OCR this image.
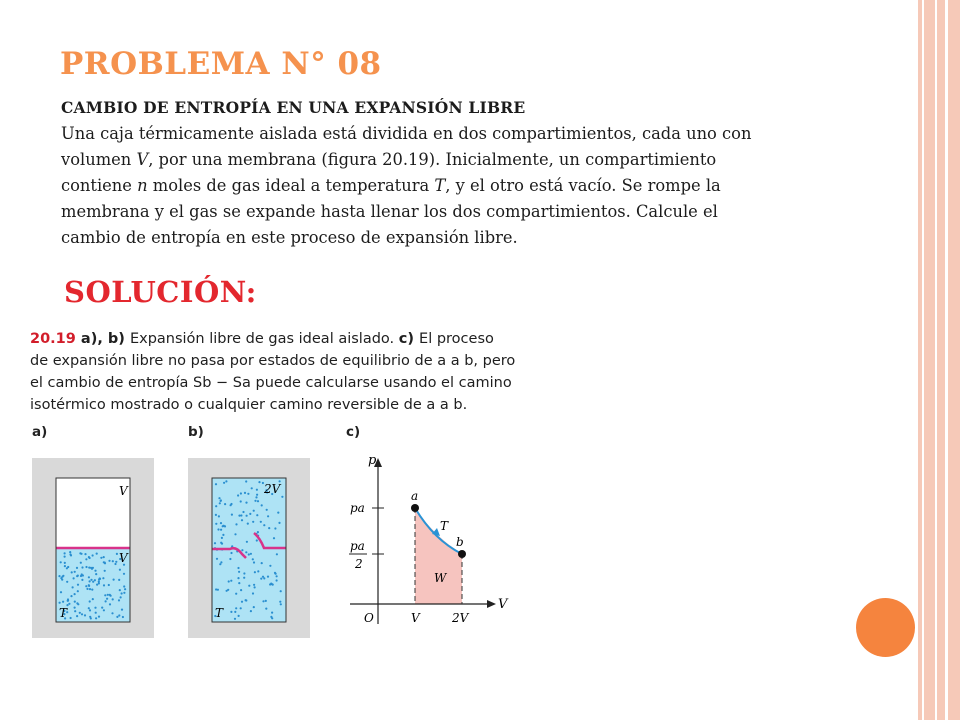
PROBLEMA N° 08
CAMBIO DE ENTROPÍA EN UNA EXPANSIÓN LIBRE
Una caja térmicamente aislada está dividida en dos compartimientos, cada uno con
volumen V, por una membrana (figura 20.19). Inicialmente, un compartimiento
contiene n moles de gas ideal a temperatura T, y el otro está vacío. Se rompe la
membrana y el gas se expande hasta llenar los dos compartimientos. Calcule el
cambio de entropía en este proceso de expansión libre.
SOLUCIÓN:
20.19 a), b) Expansión libre de gas ideal aislado. c) El proceso
de expansión libre no pasa por estados de equilibrio de a a b, pero
el cambio de entropía Sb − Sa puede calcularse usando el camino
isotérmico mostrado o cualquier camino reversible de a a b.
a)	b)	c)
V
V
T
2V
T
p
V
pa
pa
2
a
b
T
W
O	V	2V
